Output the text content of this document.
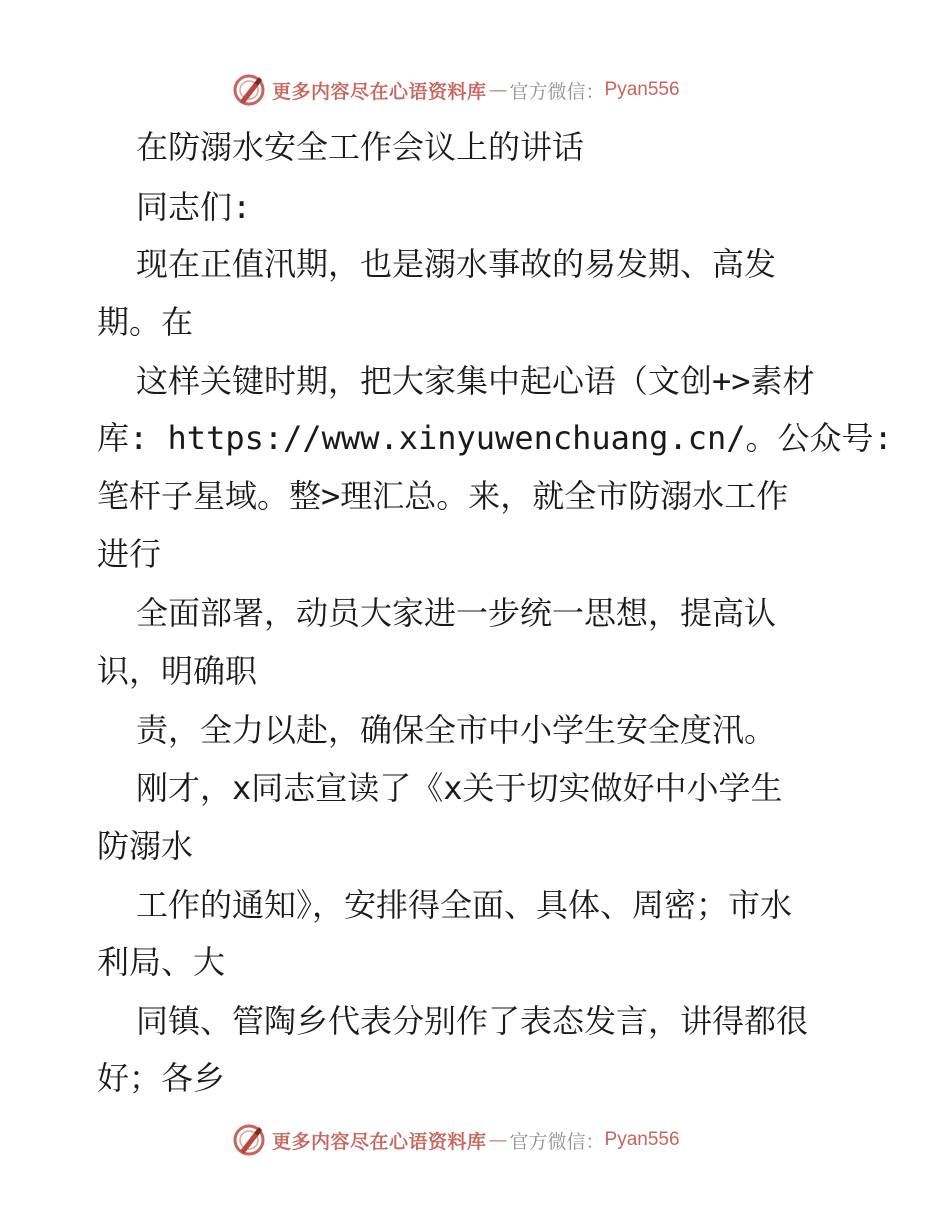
更多内容尽在心语资料库 — 官方微信： Pyan556
在防溺水安全工作会议上的讲话
同志们:
现在正值汛期，也是溺水事故的易发期、高发
期。在
这样关键时期，把大家集中起心语（文创+>素材
库: https://www.xinyuwenchuang.cn/。公众号:
笔杆子星域。整>理汇总。来，就全市防溺水工作
进行
全面部署，动员大家进一步统一思想，提高认
识，明确职
责，全力以赴，确保全市中小学生安全度汛。
刚才，x同志宣读了《x关于切实做好中小学生
防溺水
工作的通知》，安排得全面、具体、周密；市水
利局、大
同镇、管陶乡代表分别作了表态发言，讲得都很
好；各乡
更多内容尽在心语资料库 — 官方微信： Pyan556
